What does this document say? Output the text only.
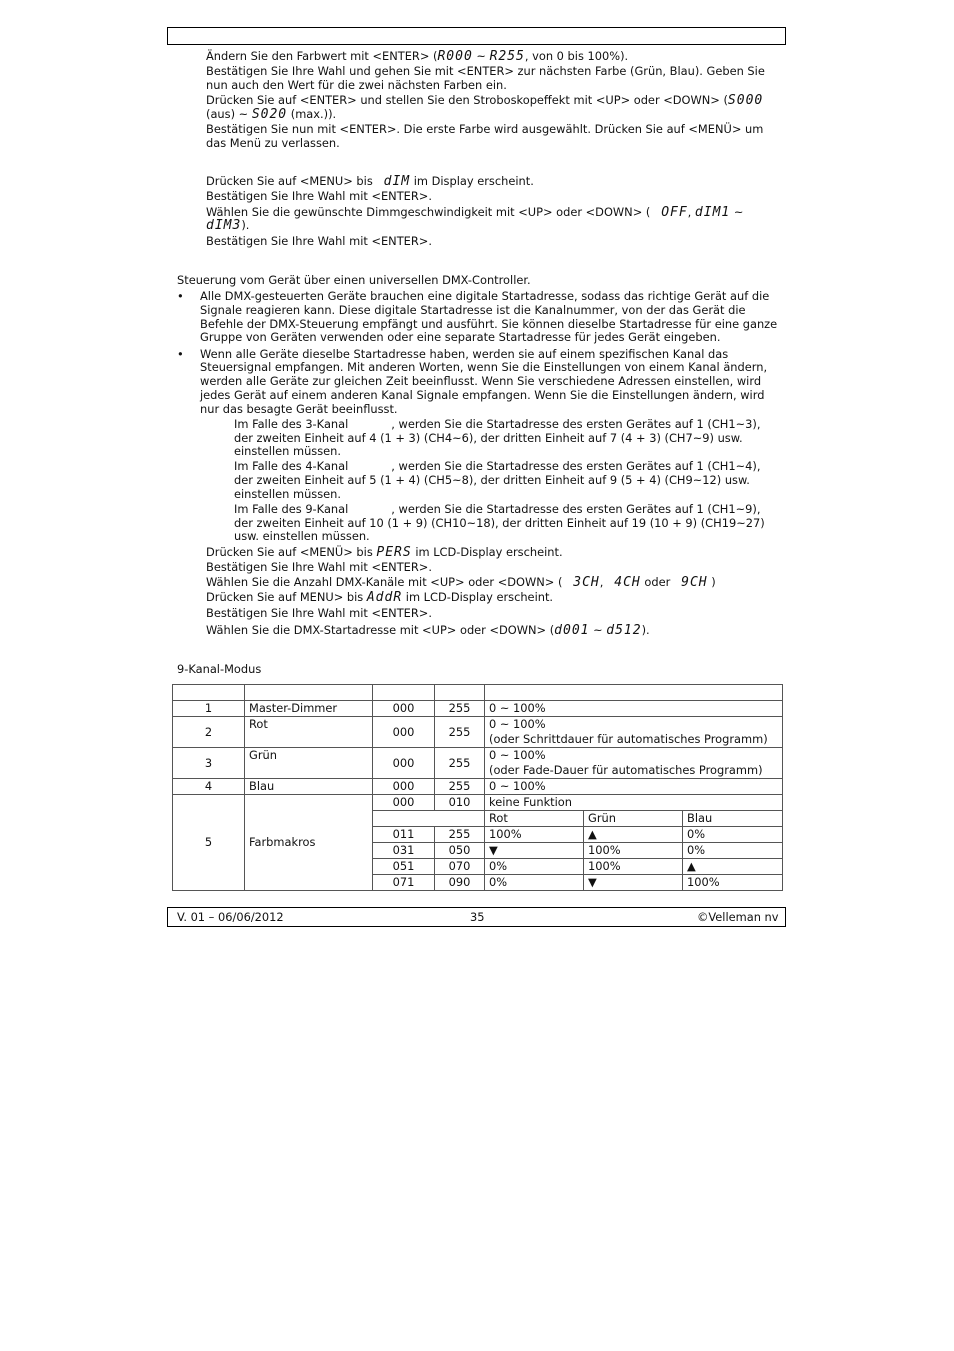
Ändern Sie den Farbwert mit <ENTER> (R000 ~ R255, von 0 bis 100%).
Bestätigen Sie Ihre Wahl und gehen Sie mit <ENTER> zur nächsten Farbe (Grün, Blau). Geben Sie
nun auch den Wert für die zwei nächsten Farben ein.
Drücken Sie auf <ENTER> und stellen Sie den Stroboskopeffekt mit <UP> oder <DOWN> (S000
(aus) ~ S020 (max.)).
Bestätigen Sie nun mit <ENTER>. Die erste Farbe wird ausgewählt. Drücken Sie auf <MENÜ> um
das Menü zu verlassen.
Drücken Sie auf <MENU> bis dIM im Display erscheint.
Bestätigen Sie Ihre Wahl mit <ENTER>.
Wählen Sie die gewünschte Dimmgeschwindigkeit mit <UP> oder <DOWN> ( OFF, dIM1 ~
dIM3).
Bestätigen Sie Ihre Wahl mit <ENTER>.
Steuerung vom Gerät über einen universellen DMX-Controller.
• Alle DMX-gesteuerten Geräte brauchen eine digitale Startadresse, sodass das richtige Gerät auf die
Signale reagieren kann. Diese digitale Startadresse ist die Kanalnummer, von der das Gerät die
Befehle der DMX-Steuerung empfängt und ausführt. Sie können dieselbe Startadresse für eine ganze
Gruppe von Geräten verwenden oder eine separate Startadresse für jedes Gerät eingeben.
• Wenn alle Geräte dieselbe Startadresse haben, werden sie auf einem spezifischen Kanal das
Steuersignal empfangen. Mit anderen Worten, wenn Sie die Einstellungen von einem Kanal ändern,
werden alle Geräte zur gleichen Zeit beeinflusst. Wenn Sie verschiedene Adressen einstellen, wird
jedes Gerät auf einem anderen Kanal Signale empfangen. Wenn Sie die Einstellungen ändern, wird
nur das besagte Gerät beeinflusst.
Im Falle des 3-Kanal	, werden Sie die Startadresse des ersten Gerätes auf 1 (CH1~3),
der zweiten Einheit auf 4 (1 + 3) (CH4~6), der dritten Einheit auf 7 (4 + 3) (CH7~9) usw.
einstellen müssen.
Im Falle des 4-Kanal	, werden Sie die Startadresse des ersten Gerätes auf 1 (CH1~4),
der zweiten Einheit auf 5 (1 + 4) (CH5~8), der dritten Einheit auf 9 (5 + 4) (CH9~12) usw.
einstellen müssen.
Im Falle des 9-Kanal	, werden Sie die Startadresse des ersten Gerätes auf 1 (CH1~9),
der zweiten Einheit auf 10 (1 + 9) (CH10~18), der dritten Einheit auf 19 (10 + 9) (CH19~27)
usw. einstellen müssen.
Drücken Sie auf <MENÜ> bis PERS im LCD-Display erscheint.
Bestätigen Sie Ihre Wahl mit <ENTER>.
Wählen Sie die Anzahl DMX-Kanäle mit <UP> oder <DOWN> ( 3CH, 4CH oder 9CH )
Drücken Sie auf MENU> bis AddR im LCD-Display erscheint.
Bestätigen Sie Ihre Wahl mit <ENTER>.
Wählen Sie die DMX-Startadresse mit <UP> oder <DOWN> (d001 ~ d512).
9-Kanal-Modus

1	Master-Dimmer	000	255	0 ~ 100%		
2	Rot	000	255	0 ~ 100%
(oder Schrittdauer für automatisches Programm)		

3	Grün	000	255	0 ~ 100%
(oder Fade-Dauer für automatisches Programm)		

4	Blau	000	255	0 ~ 100%		
5	Farbmakros	000	010	keine Funktion		
				Rot	Grün	Blau
		011	255	100%	▲	0%
		031	050	▼	100%	0%
		051	070	0%	100%	▲
		071	090	0%	▼	100%
V. 01 – 06/06/2012	35	©Velleman nv
